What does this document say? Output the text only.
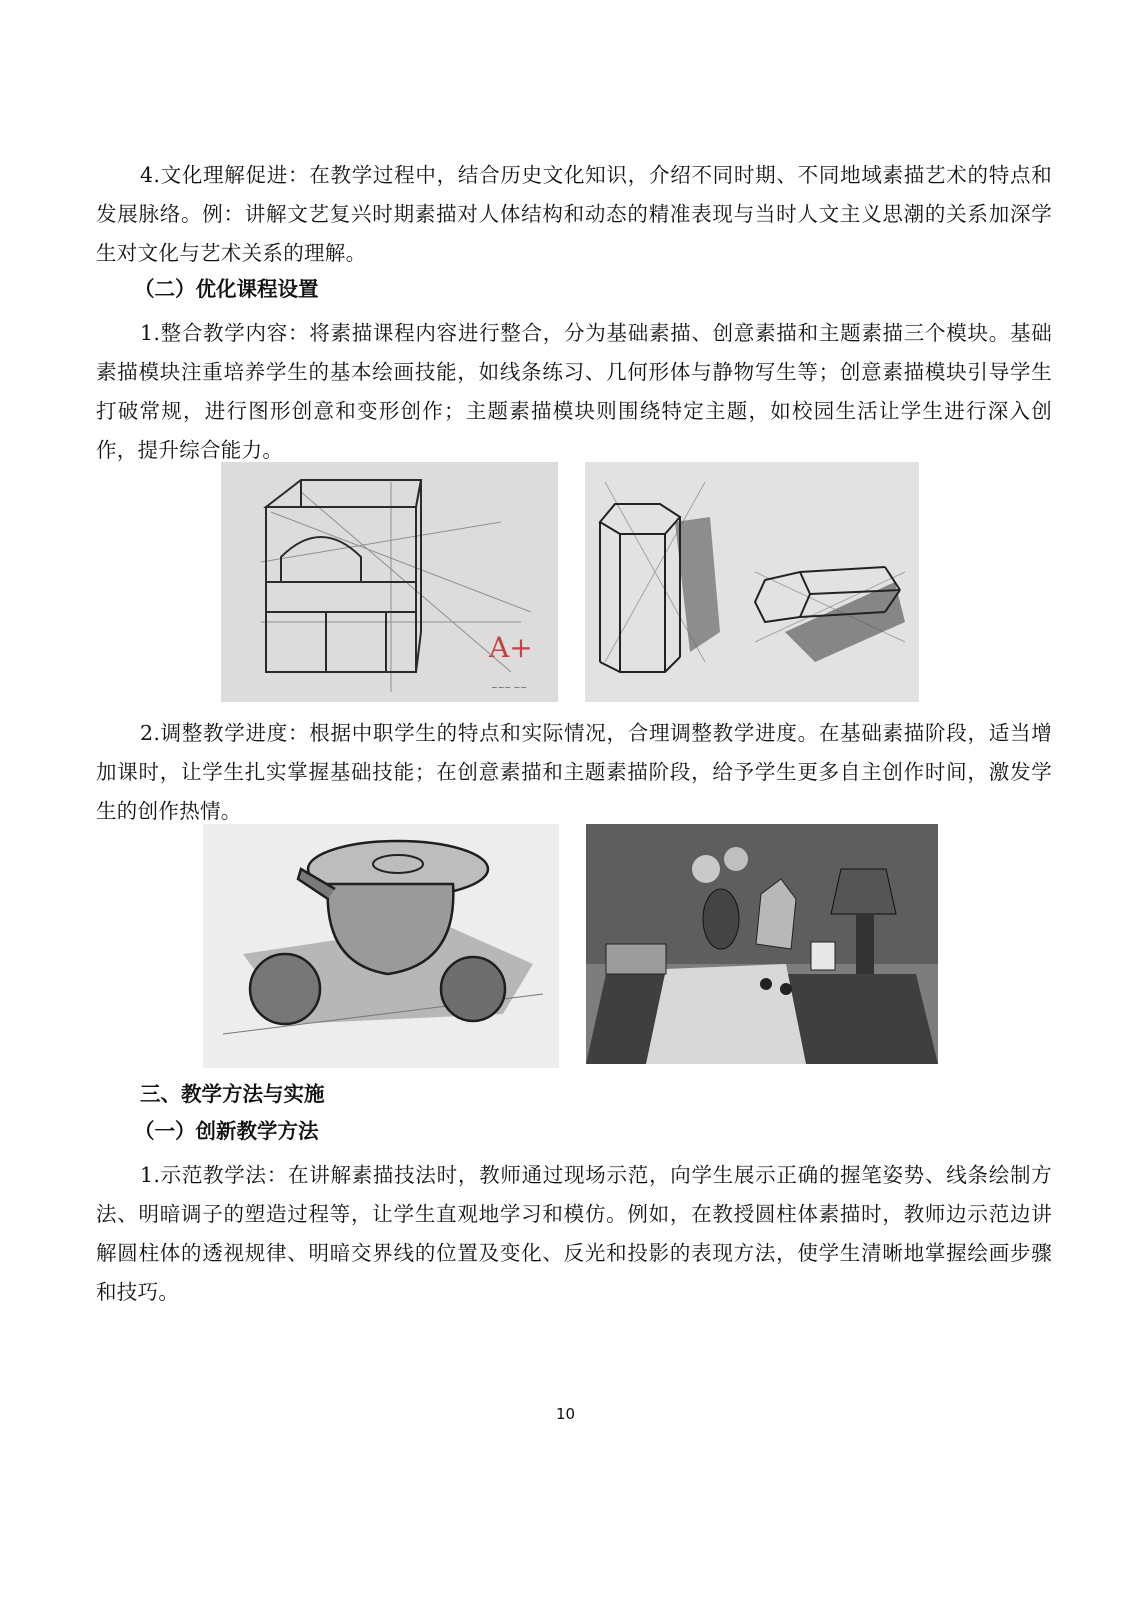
4.文化理解促进：在教学过程中，结合历史文化知识，介绍不同时期、不同地域素描艺术的特点和发展脉络。例：讲解文艺复兴时期素描对人体结构和动态的精准表现与当时人文主义思潮的关系加深学生对文化与艺术关系的理解。

（二）优化课程设置

1.整合教学内容：将素描课程内容进行整合，分为基础素描、创意素描和主题素描三个模块。基础素描模块注重培养学生的基本绘画技能，如线条练习、几何形体与静物写生等；创意素描模块引导学生打破常规，进行图形创意和变形创作；主题素描模块则围绕特定主题，如校园生活让学生进行深入创作，提升综合能力。

A+
~~~ ~~

2.调整教学进度：根据中职学生的特点和实际情况，合理调整教学进度。在基础素描阶段，适当增加课时，让学生扎实掌握基础技能；在创意素描和主题素描阶段，给予学生更多自主创作时间，激发学生的创作热情。

三、教学方法与实施

（一）创新教学方法

1.示范教学法：在讲解素描技法时，教师通过现场示范，向学生展示正确的握笔姿势、线条绘制方法、明暗调子的塑造过程等，让学生直观地学习和模仿。例如，在教授圆柱体素描时，教师边示范边讲解圆柱体的透视规律、明暗交界线的位置及变化、反光和投影的表现方法，使学生清晰地掌握绘画步骤和技巧。

10
